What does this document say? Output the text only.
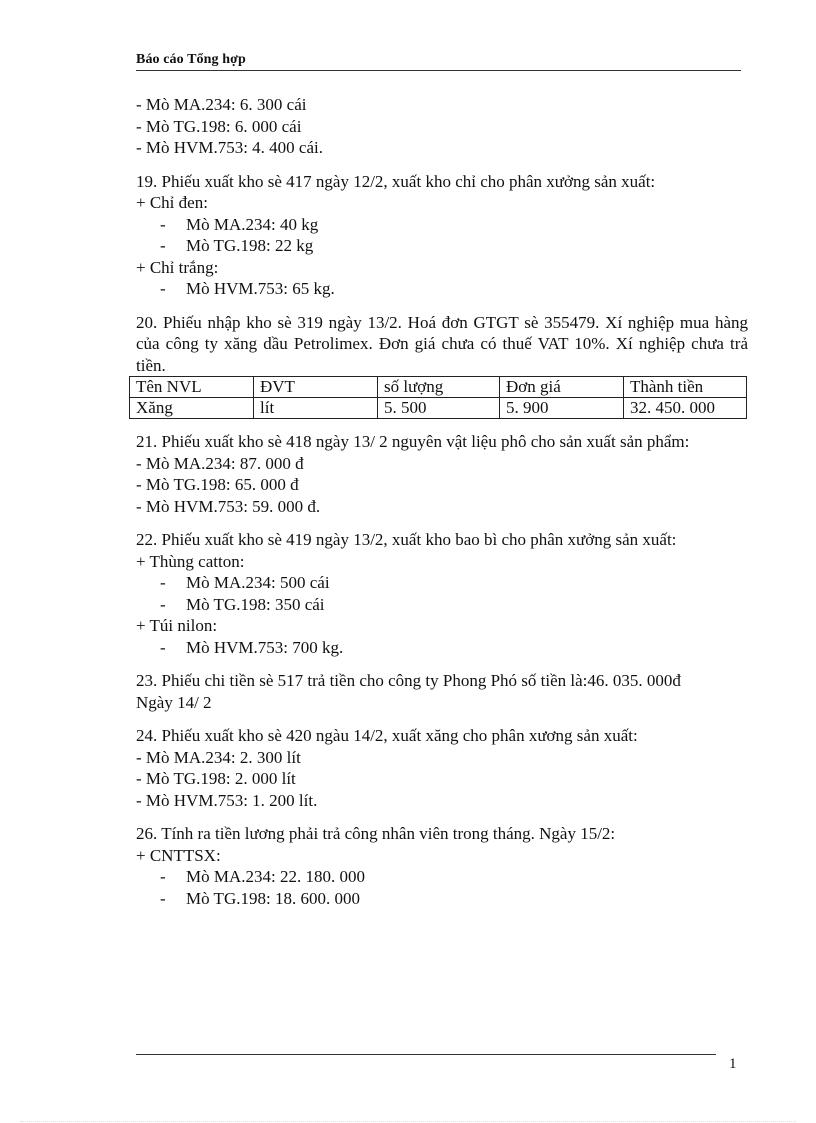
Báo cáo Tổng hợp
- Mò MA.234: 6. 300 cái
- Mò TG.198: 6. 000 cái
- Mò HVM.753: 4. 400 cái.
19. Phiếu xuất kho sè 417 ngày 12/2, xuất kho chỉ cho phân xưởng sản xuất:
+ Chỉ đen:
- Mò MA.234: 40 kg
- Mò TG.198: 22 kg
+ Chỉ trắng:
- Mò HVM.753: 65 kg.
20. Phiếu nhập kho sè 319 ngày 13/2. Hoá đơn GTGT sè 355479. Xí nghiệp mua hàng của công ty xăng dầu Petrolimex. Đơn giá chưa có thuế VAT 10%. Xí nghiệp chưa trả tiền.
Tên NVL	ĐVT	số lượng	Đơn giá	Thành tiền
Xăng	lít	5. 500	5. 900	32. 450. 000
21. Phiếu xuất kho sè 418 ngày 13/ 2 nguyên vật liệu phô cho sản xuất sản phẩm:
- Mò MA.234: 87. 000 đ
- Mò TG.198: 65. 000 đ
- Mò HVM.753: 59. 000 đ.
22. Phiếu xuất kho sè 419 ngày 13/2, xuất kho bao bì cho phân xưởng sản xuất:
+ Thùng catton:
- Mò MA.234: 500 cái
- Mò TG.198: 350 cái
+ Túi nilon:
- Mò HVM.753: 700 kg.
23. Phiếu chi tiền sè 517 trả tiền cho công ty Phong Phó số tiền là:46. 035. 000đ
Ngày 14/ 2
24. Phiếu xuất kho sè 420 ngàu 14/2, xuất xăng cho phân xương sản xuất:
- Mò MA.234: 2. 300 lít
- Mò TG.198: 2. 000 lít
- Mò HVM.753: 1. 200 lít.
26. Tính ra tiền lương phải trả công nhân viên trong tháng. Ngày 15/2:
+ CNTTSX:
- Mò MA.234: 22. 180. 000
- Mò TG.198: 18. 600. 000
1
